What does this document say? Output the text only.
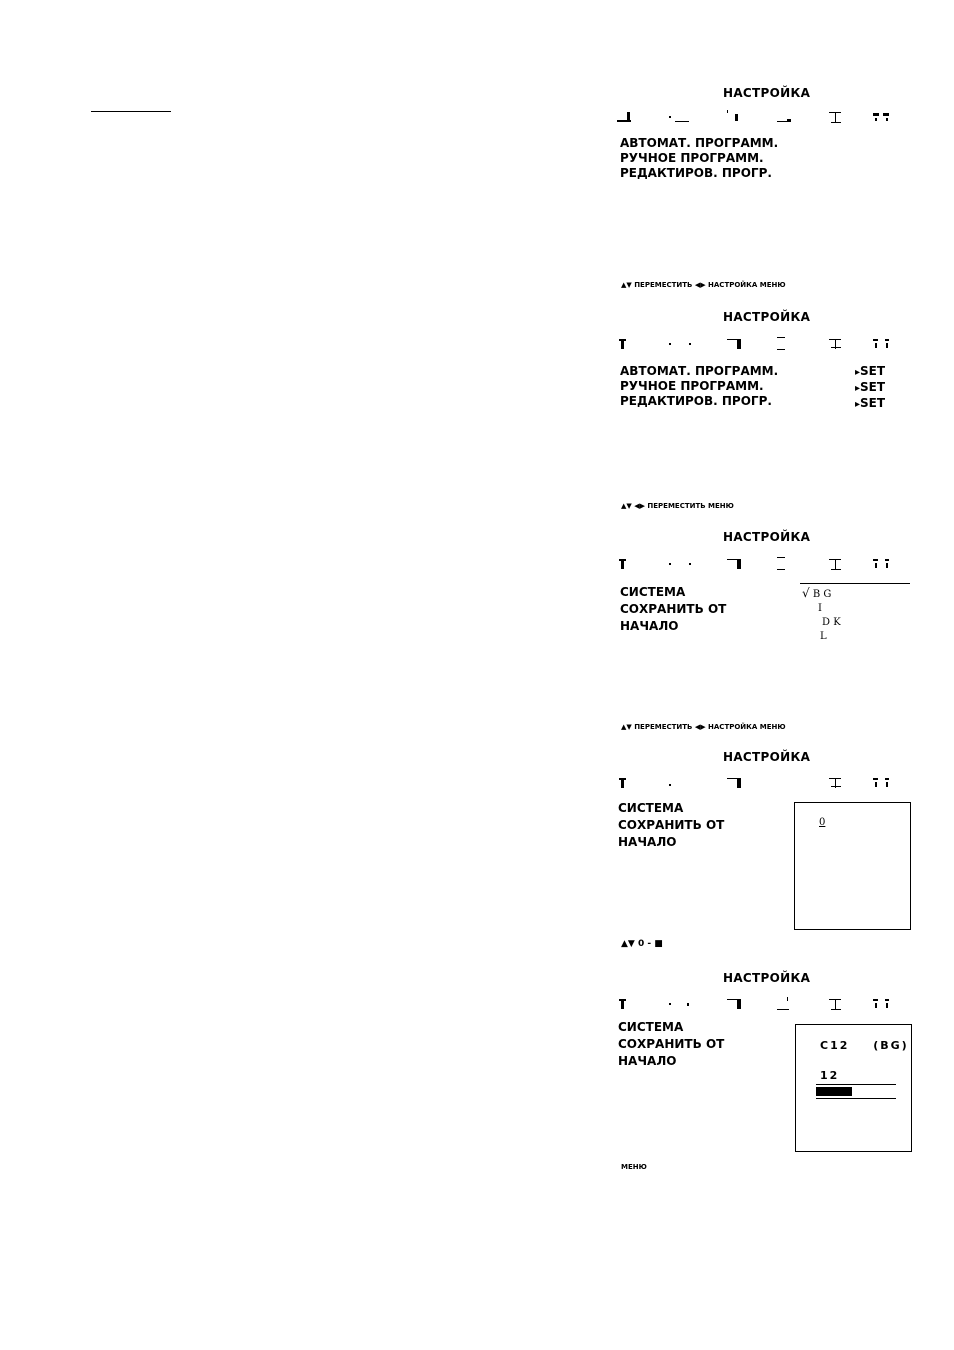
НАСТРОЙКА
АВТОМАТ. ПРОГРАММ.
РУЧНОЕ ПРОГРАММ.
РЕДАКТИРОВ. ПРОГР.
▲▼ ПЕРЕМЕСТИТЬ ◀▶ НАСТРОЙКА МЕНЮ
НАСТРОЙКА
АВТОМАТ. ПРОГРАММ.
РУЧНОЕ ПРОГРАММ.
РЕДАКТИРОВ. ПРОГР.
▸ SET
▸ SET
▸ SET
▲▼ ◀▶ ПЕРЕМЕСТИТЬ МЕНЮ
НАСТРОЙКА
СИСТЕМА
СОХРАНИТЬ ОТ
НАЧАЛО
√ B G
I
D K
L
▲▼ ПЕРЕМЕСТИТЬ ◀▶ НАСТРОЙКА МЕНЮ
НАСТРОЙКА
СИСТЕМА
СОХРАНИТЬ ОТ
НАЧАЛО
0
▲▼ 0 - ■
НАСТРОЙКА
СИСТЕМА
СОХРАНИТЬ ОТ
НАЧАЛО
C12 (BG)
12
МЕНЮ
